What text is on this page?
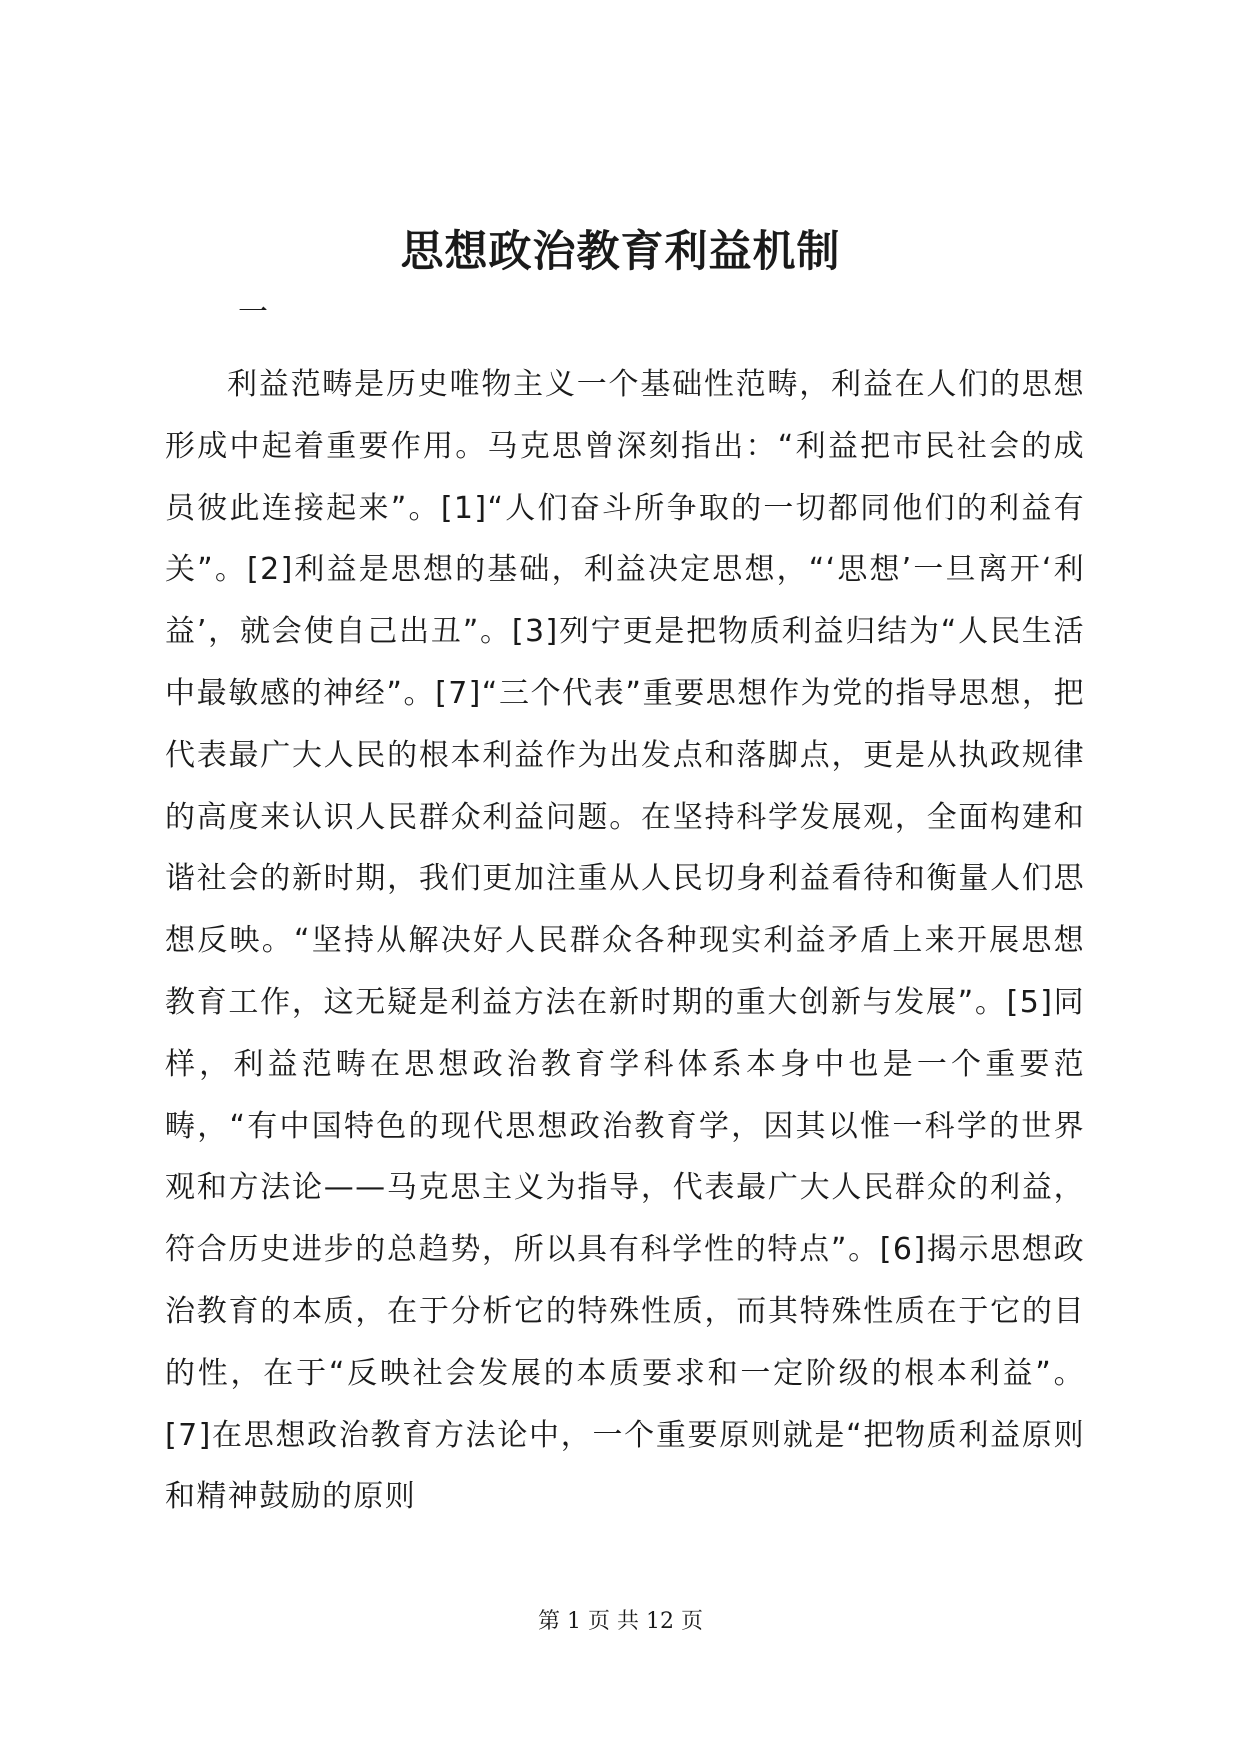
思想政治教育利益机制
一

利益范畴是历史唯物主义一个基础性范畴，利益在人们的思想形成中起着重要作用。马克思曾深刻指出：“利益把市民社会的成员彼此连接起来”。[1]“人们奋斗所争取的一切都同他们的利益有关”。[2]利益是思想的基础，利益决定思想，“‘思想’一旦离开‘利益’，就会使自己出丑”。[3]列宁更是把物质利益归结为“人民生活中最敏感的神经”。[7]“三个代表”重要思想作为党的指导思想，把代表最广大人民的根本利益作为出发点和落脚点，更是从执政规律的高度来认识人民群众利益问题。在坚持科学发展观，全面构建和谐社会的新时期，我们更加注重从人民切身利益看待和衡量人们思想反映。“坚持从解决好人民群众各种现实利益矛盾上来开展思想教育工作，这无疑是利益方法在新时期的重大创新与发展”。[5]同样，利益范畴在思想政治教育学科体系本身中也是一个重要范畴，“有中国特色的现代思想政治教育学，因其以惟一科学的世界观和方法论——马克思主义为指导，代表最广大人民群众的利益，符合历史进步的总趋势，所以具有科学性的特点”。[6]揭示思想政治教育的本质，在于分析它的特殊性质，而其特殊性质在于它的目的性，在于“反映社会发展的本质要求和一定阶级的根本利益”。[7]在思想政治教育方法论中，一个重要原则就是“把物质利益原则和精神鼓励的原则

第 1 页 共 12 页
